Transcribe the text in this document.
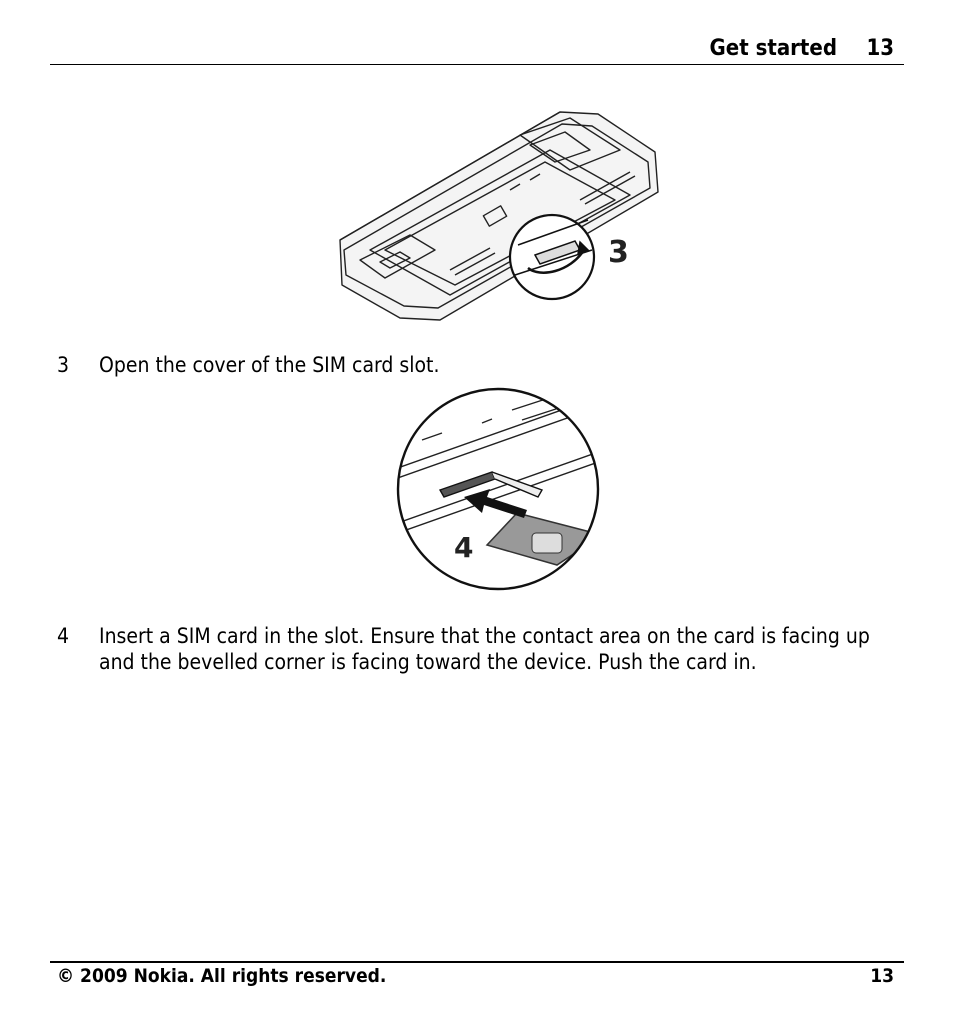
Get started 13
3
3 Open the cover of the SIM card slot.
4
4 Insert a SIM card in the slot. Ensure that the contact area on the card is facing up and the bevelled corner is facing toward the device. Push the card in.
© 2009 Nokia. All rights reserved.	13
